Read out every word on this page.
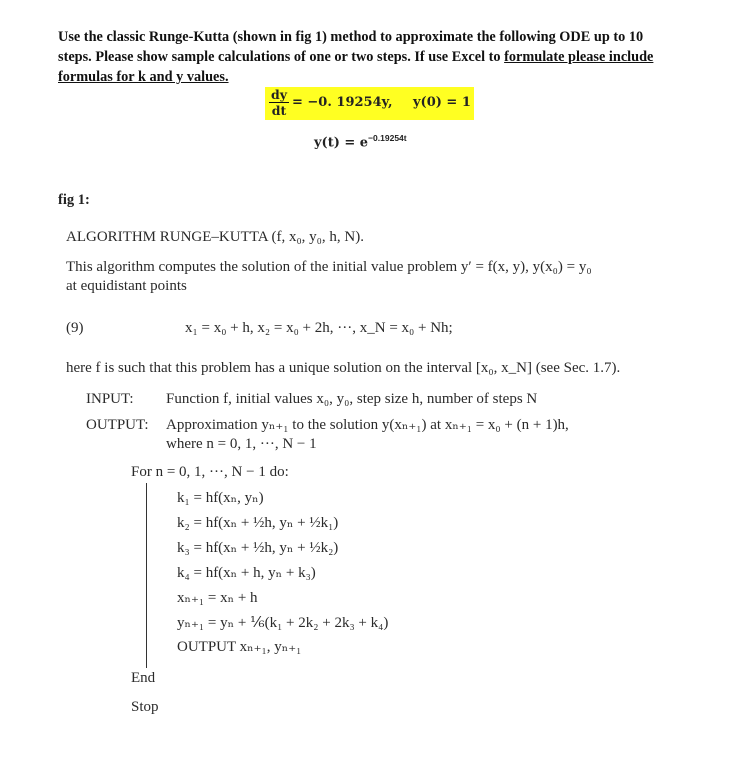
Use the classic Runge-Kutta (shown in fig 1) method to approximate the following ODE up to 10
steps. Please show sample calculations of one or two steps. If use Excel to formulate please include
formulas for k and y values.
$\frac{dy}{dt} = -0$. 19254y, y(0) = 1
$y(t) = e^{-0.19254t}$
fig 1:
ALGORITHM RUNGE–KUTTA (f, x₀, y₀, h, N).
This algorithm computes the solution of the initial value problem y′ = f(x, y), y(x₀) = y₀
at equidistant points
(9)	x₁ = x₀ + h, x₂ = x₀ + 2h, ···, x_N = x₀ + Nh;
here f is such that this problem has a unique solution on the interval [x₀, x_N] (see Sec. 1.7).
INPUT: Function f, initial values x₀, y₀, step size h, number of steps N
OUTPUT: Approximation yₙ₊₁ to the solution y(xₙ₊₁) at xₙ₊₁ = x₀ + (n + 1)h,
where n = 0, 1, ···, N − 1
For n = 0, 1, ···, N − 1 do:
k₁ = hf(xₙ, yₙ)
k₂ = hf(xₙ + ½h, yₙ + ½k₁)
k₃ = hf(xₙ + ½h, yₙ + ½k₂)
k₄ = hf(xₙ + h, yₙ + k₃)
xₙ₊₁ = xₙ + h
yₙ₊₁ = yₙ + ⅙(k₁ + 2k₂ + 2k₃ + k₄)
OUTPUT xₙ₊₁, yₙ₊₁
End
Stop
